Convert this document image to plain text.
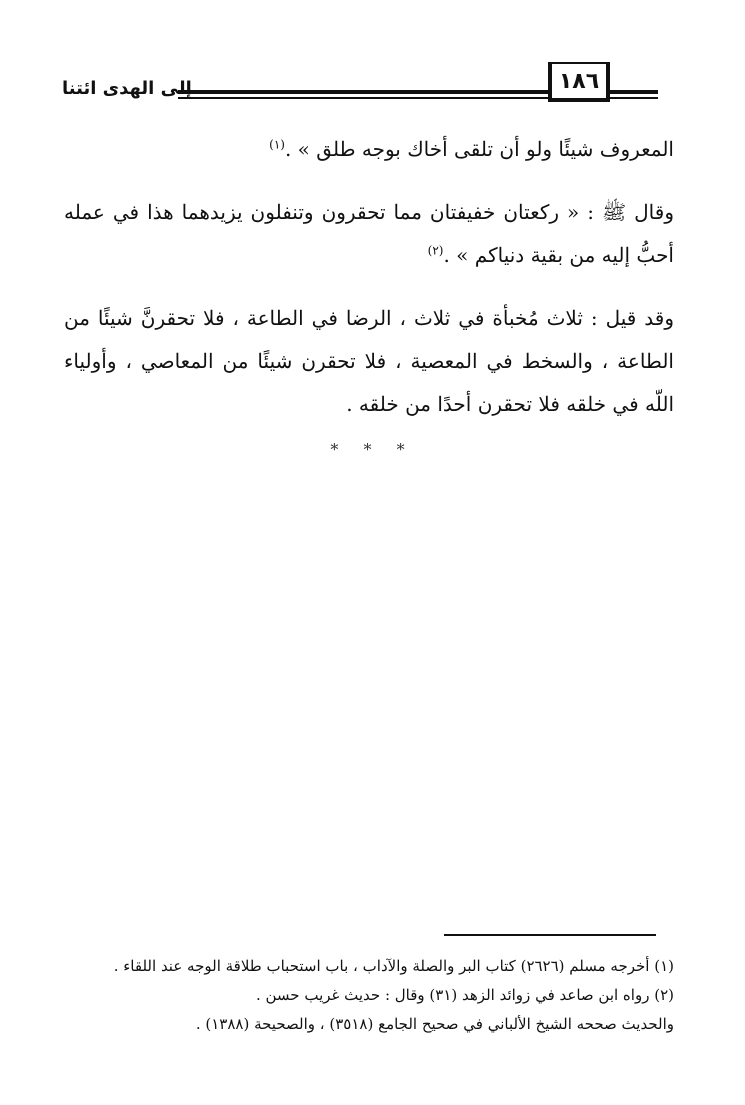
١٨٦
إلى الهدى ائتنا

المعروف شيئًا ولو أن تلقى أخاك بوجه طلق » .$^{(١)}$

وقال ﷺ : « ركعتان خفيفتان مما تحقرون وتنفلون يزيدهما هذا في عمله أحبُّ إليه من بقية دنياكم » .$^{(٢)}$

وقد قيل : ثلاث مُخبأة في ثلاث ، الرضا في الطاعة ، فلا تحقرنَّ شيئًا من الطاعة ، والسخط في المعصية ، فلا تحقرن شيئًا من المعاصي ، وأولياء اللّه في خلقه فلا تحقرن أحدًا من خلقه .

* * *

(١) أخرجه مسلم (٢٦٢٦) كتاب البر والصلة والآداب ، باب استحباب طلاقة الوجه عند اللقاء .

(٢) رواه ابن صاعد في زوائد الزهد (٣١) وقال : حديث غريب حسن .

والحديث صححه الشيخ الألباني في صحيح الجامع (٣٥١٨) ، والصحيحة (١٣٨٨) .
